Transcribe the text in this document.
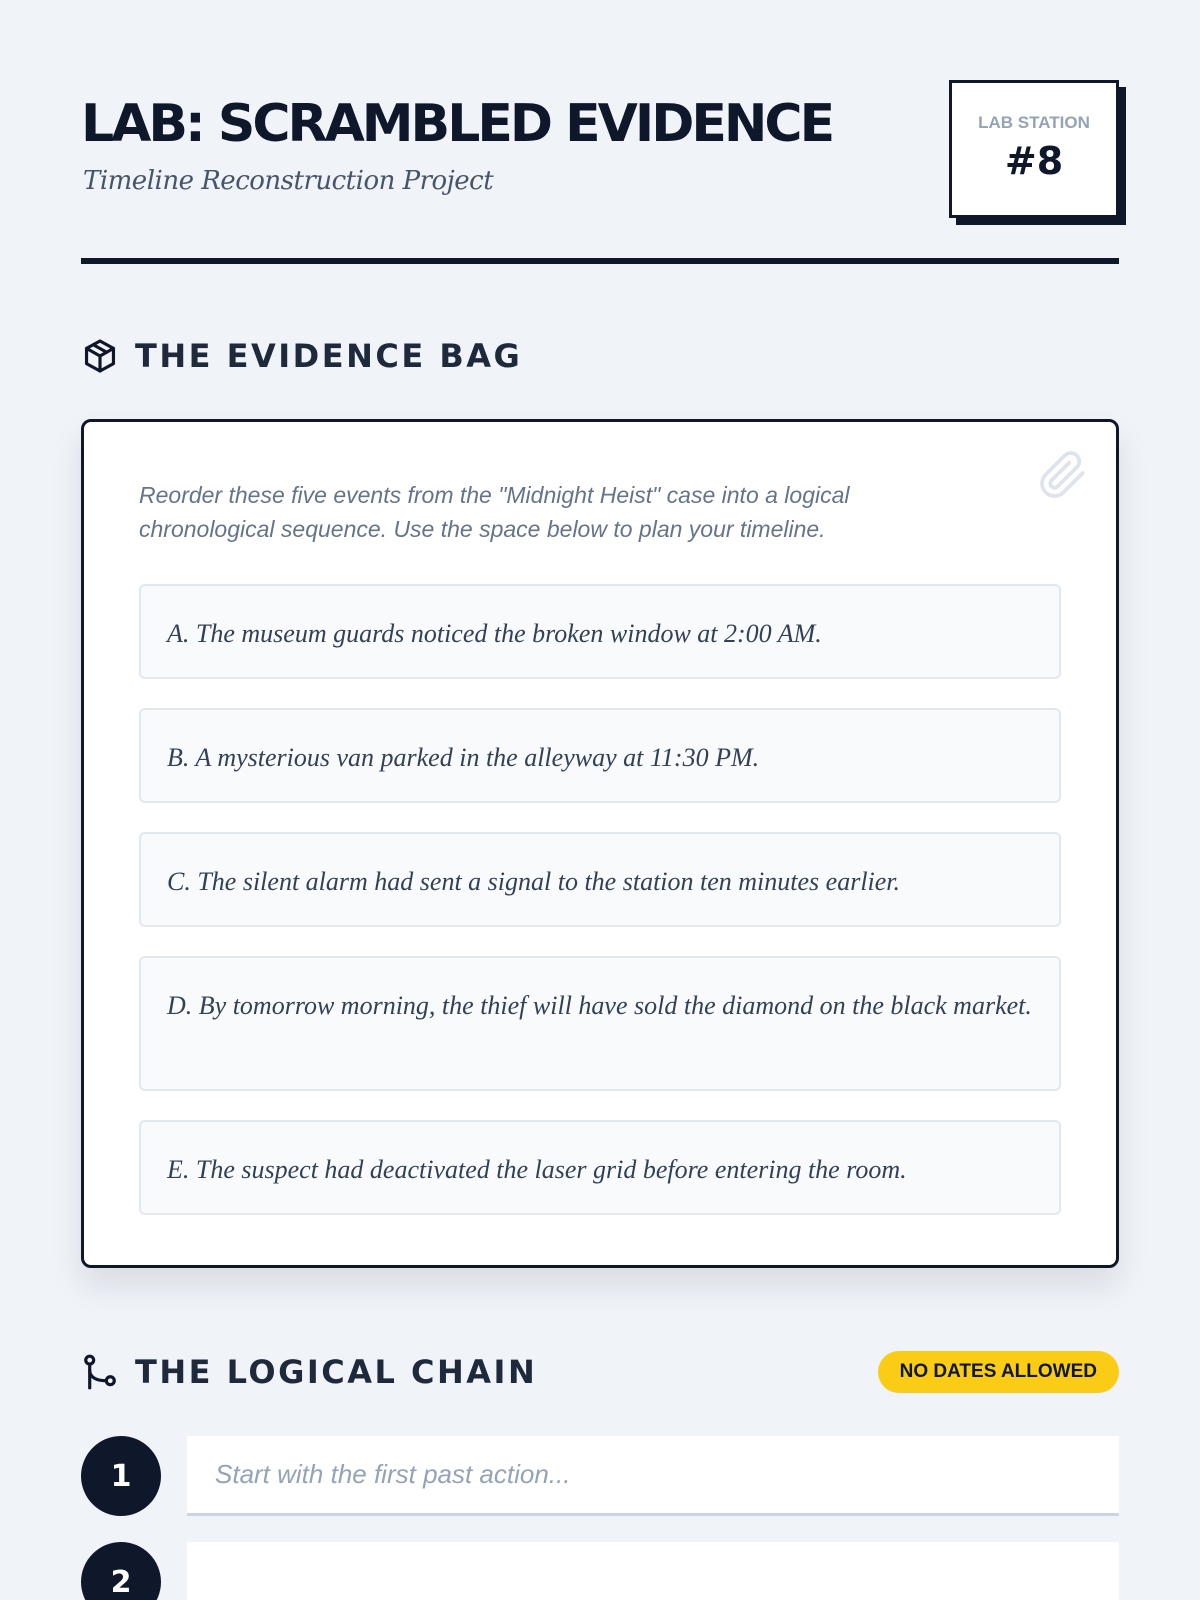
LAB: SCRAMBLED EVIDENCE
Timeline Reconstruction Project
LAB STATION
#8
THE EVIDENCE BAG

Reorder these five events from the "Midnight Heist" case into a logical chronological sequence. Use the space below to plan your timeline.

A. The museum guards noticed the broken window at 2:00 AM.
B. A mysterious van parked in the alleyway at 11:30 PM.
C. The silent alarm had sent a signal to the station ten minutes earlier.
D. By tomorrow morning, the thief will have sold the diamond on the black market.
E. The suspect had deactivated the laser grid before entering the room.
THE LOGICAL CHAIN	NO DATES ALLOWED
1
Start with the first past action...
2
